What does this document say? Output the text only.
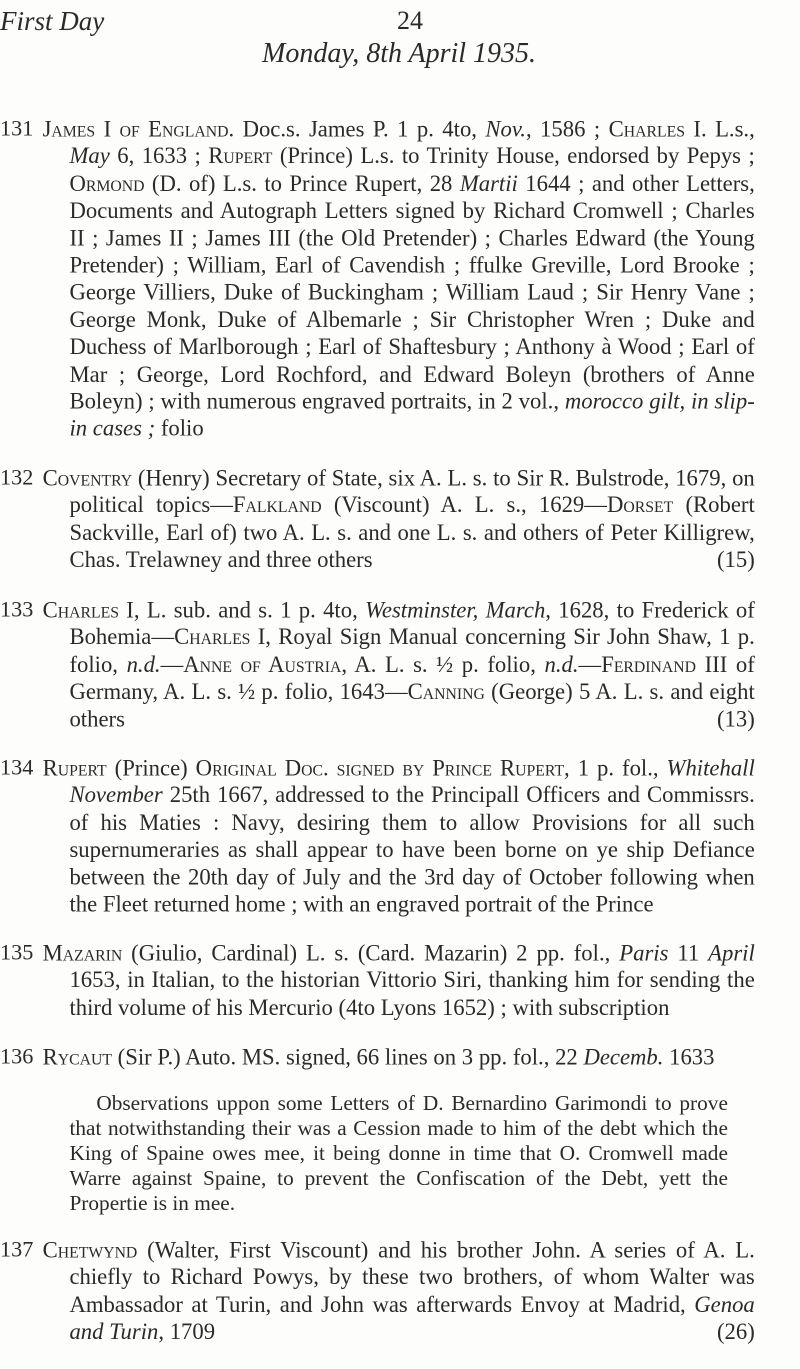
First Day	24
Monday, 8th April 1935.
131 James I of England. Doc.s. James P. 1 p. 4to, Nov., 1586 ; Charles I. L.s., May 6, 1633 ; Rupert (Prince) L.s. to Trinity House, endorsed by Pepys ; Ormond (D. of) L.s. to Prince Rupert, 28 Martii 1644 ; and other Letters, Documents and Autograph Letters signed by Richard Cromwell ; Charles II ; James II ; James III (the Old Pretender) ; Charles Edward (the Young Pretender) ; William, Earl of Cavendish ; ffulke Greville, Lord Brooke ; George Villiers, Duke of Buckingham ; William Laud ; Sir Henry Vane ; George Monk, Duke of Albemarle ; Sir Christopher Wren ; Duke and Duchess of Marlborough ; Earl of Shaftesbury ; Anthony à Wood ; Earl of Mar ; George, Lord Rochford, and Edward Boleyn (brothers of Anne Boleyn) ; with numerous engraved portraits, in 2 vol., morocco gilt, in slip-in cases ; folio
132 Coventry (Henry) Secretary of State, six A. L. s. to Sir R. Bulstrode, 1679, on political topics—Falkland (Viscount) A. L. s., 1629—Dorset (Robert Sackville, Earl of) two A. L. s. and one L. s. and others of Peter Killigrew, Chas. Trelawney and three others	(15)
133 Charles I, L. sub. and s. 1 p. 4to, Westminster, March, 1628, to Frederick of Bohemia—Charles I, Royal Sign Manual concerning Sir John Shaw, 1 p. folio, n.d.—Anne of Austria, A. L. s. ½ p. folio, n.d.—Ferdinand III of Germany, A. L. s. ½ p. folio, 1643—Canning (George) 5 A. L. s. and eight others	(13)
134 Rupert (Prince) Original Doc. signed by Prince Rupert, 1 p. fol., Whitehall November 25th 1667, addressed to the Principall Officers and Commissrs. of his Maties : Navy, desiring them to allow Provisions for all such supernumeraries as shall appear to have been borne on ye ship Defiance between the 20th day of July and the 3rd day of October following when the Fleet returned home ; with an engraved portrait of the Prince
135 Mazarin (Giulio, Cardinal) L. s. (Card. Mazarin) 2 pp. fol., Paris 11 April 1653, in Italian, to the historian Vittorio Siri, thanking him for sending the third volume of his Mercurio (4to Lyons 1652) ; with subscription
136 Rycaut (Sir P.) Auto. MS. signed, 66 lines on 3 pp. fol., 22 Decemb. 1633
Observations uppon some Letters of D. Bernardino Garimondi to prove that notwithstanding their was a Cession made to him of the debt which the King of Spaine owes mee, it being donne in time that O. Cromwell made Warre against Spaine, to prevent the Confiscation of the Debt, yett the Propertie is in mee.
137 Chetwynd (Walter, First Viscount) and his brother John. A series of A. L. chiefly to Richard Powys, by these two brothers, of whom Walter was Ambassador at Turin, and John was afterwards Envoy at Madrid, Genoa and Turin, 1709	(26)
